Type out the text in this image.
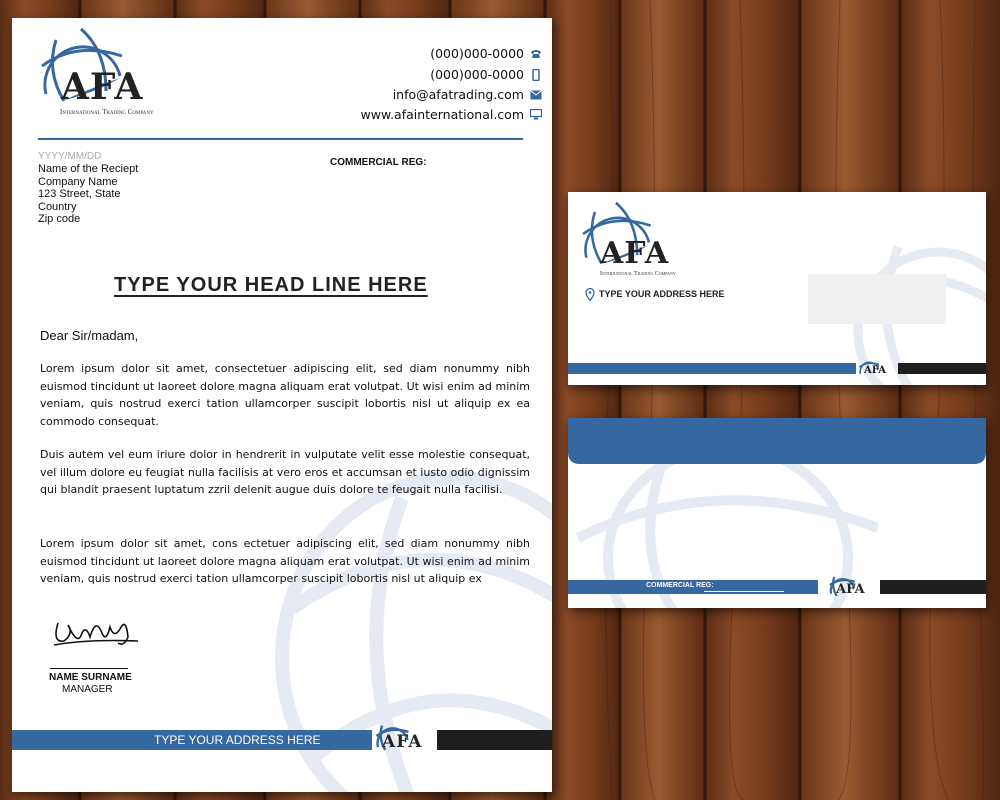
AFA
International Trading Company
(000)000-0000
(000)000-0000
info@afatrading.com
www.afainternational.com
YYYY/MM/DD
Name of the Reciept
Company Name
123 Street, State
Country
Zip code
COMMERCIAL REG:
TYPE YOUR HEAD LINE HERE
Dear Sir/madam,
Lorem ipsum dolor sit amet, consectetuer adipiscing elit, sed diam nonummy nibh euismod tincidunt ut laoreet dolore magna aliquam erat volutpat. Ut wisi enim ad minim veniam, quis nostrud exerci tation ullamcorper suscipit lobortis nisl ut aliquip ex ea commodo consequat.
Duis autem vel eum iriure dolor in hendrerit in vulputate velit esse molestie consequat, vel illum dolore eu feugiat nulla facilisis at vero eros et accumsan et iusto odio dignissim qui blandit praesent luptatum zzril delenit augue duis dolore te feugait nulla facilisi.
Lorem ipsum dolor sit amet, cons ectetuer adipiscing elit, sed diam nonummy nibh euismod tincidunt ut laoreet dolore magna aliquam erat volutpat. Ut wisi enim ad minim veniam, quis nostrud exerci tation ullamcorper suscipit lobortis nisl ut aliquip ex
NAME SURNAME
MANAGER
TYPE YOUR ADDRESS HERE	AFA
AFA
International Trading Company
TYPE YOUR ADDRESS HERE
AFA
COMMERCIAL REG:	AFA
